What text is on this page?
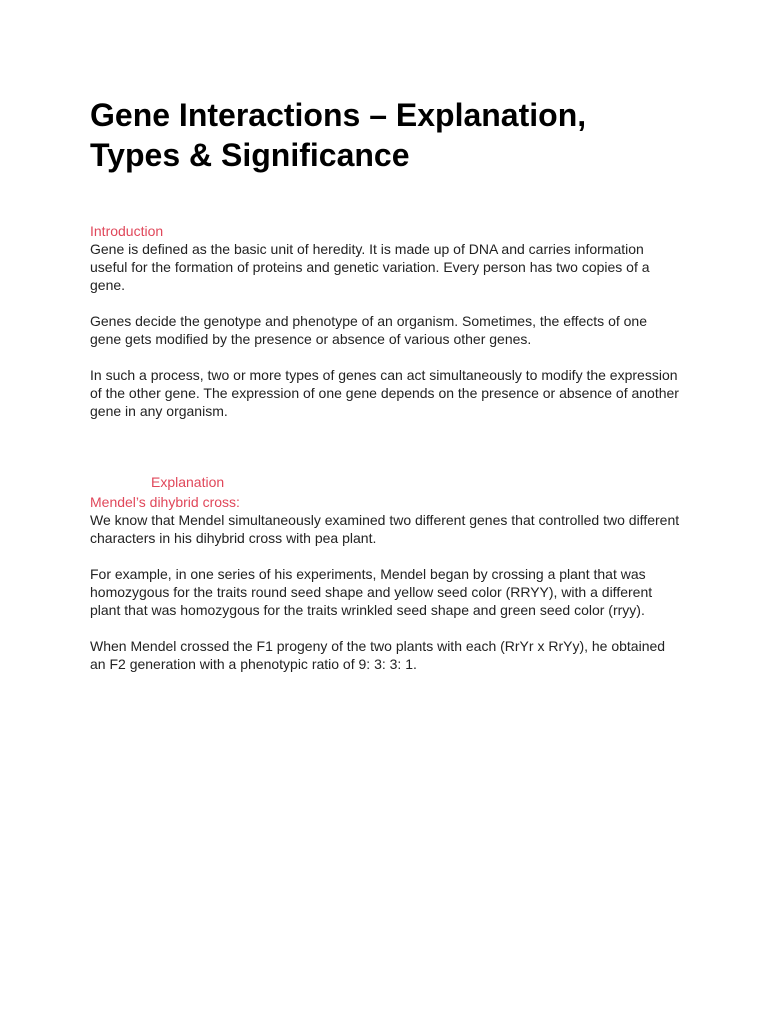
Gene Interactions – Explanation, Types & Significance
Introduction

Gene is defined as the basic unit of heredity. It is made up of DNA and carries information useful for the formation of proteins and genetic variation. Every person has two copies of a gene.

Genes decide the genotype and phenotype of an organism. Sometimes, the effects of one gene gets modified by the presence or absence of various other genes.

In such a process, two or more types of genes can act simultaneously to modify the expression of the other gene. The expression of one gene depends on the presence or absence of another gene in any organism.

Explanation
Mendel’s dihybrid cross:

We know that Mendel simultaneously examined two different genes that controlled two different characters in his dihybrid cross with pea plant.

For example, in one series of his experiments, Mendel began by crossing a plant that was homozygous for the traits round seed shape and yellow seed color (RRYY), with a different plant that was homozygous for the traits wrinkled seed shape and green seed color (rryy).

When Mendel crossed the F1 progeny of the two plants with each (RrYr x RrYy), he obtained an F2 generation with a phenotypic ratio of 9: 3: 3: 1.
